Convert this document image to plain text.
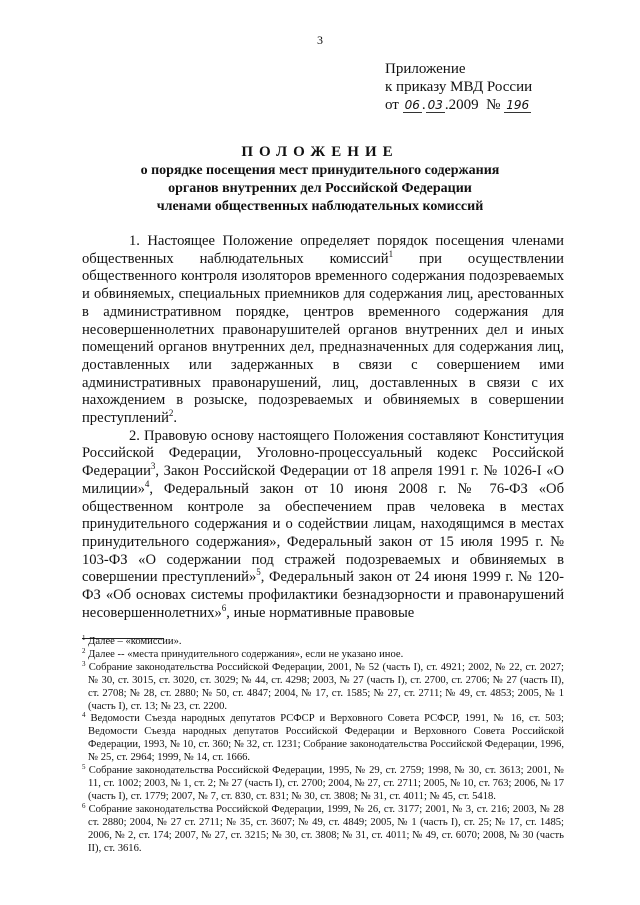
3
Приложение
к приказу МВД России
от 06 . 03 .2009 № 196
ПОЛОЖЕНИЕ
о порядке посещения мест принудительного содержания
органов внутренних дел Российской Федерации
членами общественных наблюдательных комиссий

1. Настоящее Положение определяет порядок посещения членами общественных наблюдательных комиссий$^1$ при осуществлении общественного контроля изоляторов временного содержания подозреваемых и обвиняемых, специальных приемников для содержания лиц, арестованных в административном порядке, центров временного содержания для несовершеннолетних правонарушителей органов внутренних дел и иных помещений органов внутренних дел, предназначенных для содержания лиц, доставленных или задержанных в связи с совершением ими административных правонарушений, лиц, доставленных в связи с их нахождением в розыске, подозреваемых и обвиняемых в совершении преступлений$^2$.

2. Правовую основу настоящего Положения составляют Конституция Российской Федерации, Уголовно-процессуальный кодекс Российской Федерации$^3$, Закон Российской Федерации от 18 апреля 1991 г. № 1026-I «О милиции»$^4$, Федеральный закон от 10 июня 2008 г. № 76-ФЗ «Об общественном контроле за обеспечением прав человека в местах принудительного содержания и о содействии лицам, находящимся в местах принудительного содержания», Федеральный закон от 15 июля 1995 г. № 103-ФЗ «О содержании под стражей подозреваемых и обвиняемых в совершении преступлений»$^5$, Федеральный закон от 24 июня 1999 г. № 120-ФЗ «Об основах системы профилактики безнадзорности и правонарушений несовершеннолетних»$^6$, иные нормативные правовые

$^1$ Далее – «комиссии».

$^2$ Далее -- «места принудительного содержания», если не указано иное.

$^3$ Собрание законодательства Российской Федерации, 2001, № 52 (часть I), ст. 4921; 2002, № 22, ст. 2027; № 30, ст. 3015, ст. 3020, ст. 3029; № 44, ст. 4298; 2003, № 27 (часть I), ст. 2700, ст. 2706; № 27 (часть II), ст. 2708; № 28, ст. 2880; № 50, ст. 4847; 2004, № 17, ст. 1585; № 27, ст. 2711; № 49, ст. 4853; 2005, № 1 (часть I), ст. 13; № 23, ст. 2200.

$^4$ Ведомости Съезда народных депутатов РСФСР и Верховного Совета РСФСР, 1991, № 16, ст. 503; Ведомости Съезда народных депутатов Российской Федерации и Верховного Совета Российской Федерации, 1993, № 10, ст. 360; № 32, ст. 1231; Собрание законодательства Российской Федерации, 1996, № 25, ст. 2964; 1999, № 14, ст. 1666.

$^5$ Собрание законодательства Российской Федерации, 1995, № 29, ст. 2759; 1998, № 30, ст. 3613; 2001, № 11, ст. 1002; 2003, № 1, ст. 2; № 27 (часть I), ст. 2700; 2004, № 27, ст. 2711; 2005, № 10, ст. 763; 2006, № 17 (часть I), ст. 1779; 2007, № 7, ст. 830, ст. 831; № 30, ст. 3808; № 31, ст. 4011; № 45, ст. 5418.

$^6$ Собрание законодательства Российской Федерации, 1999, № 26, ст. 3177; 2001, № 3, ст. 216; 2003, № 28 ст. 2880; 2004, № 27 ст. 2711; № 35, ст. 3607; № 49, ст. 4849; 2005, № 1 (часть I), ст. 25; № 17, ст. 1485; 2006, № 2, ст. 174; 2007, № 27, ст. 3215; № 30, ст. 3808; № 31, ст. 4011; № 49, ст. 6070; 2008, № 30 (часть II), ст. 3616.
